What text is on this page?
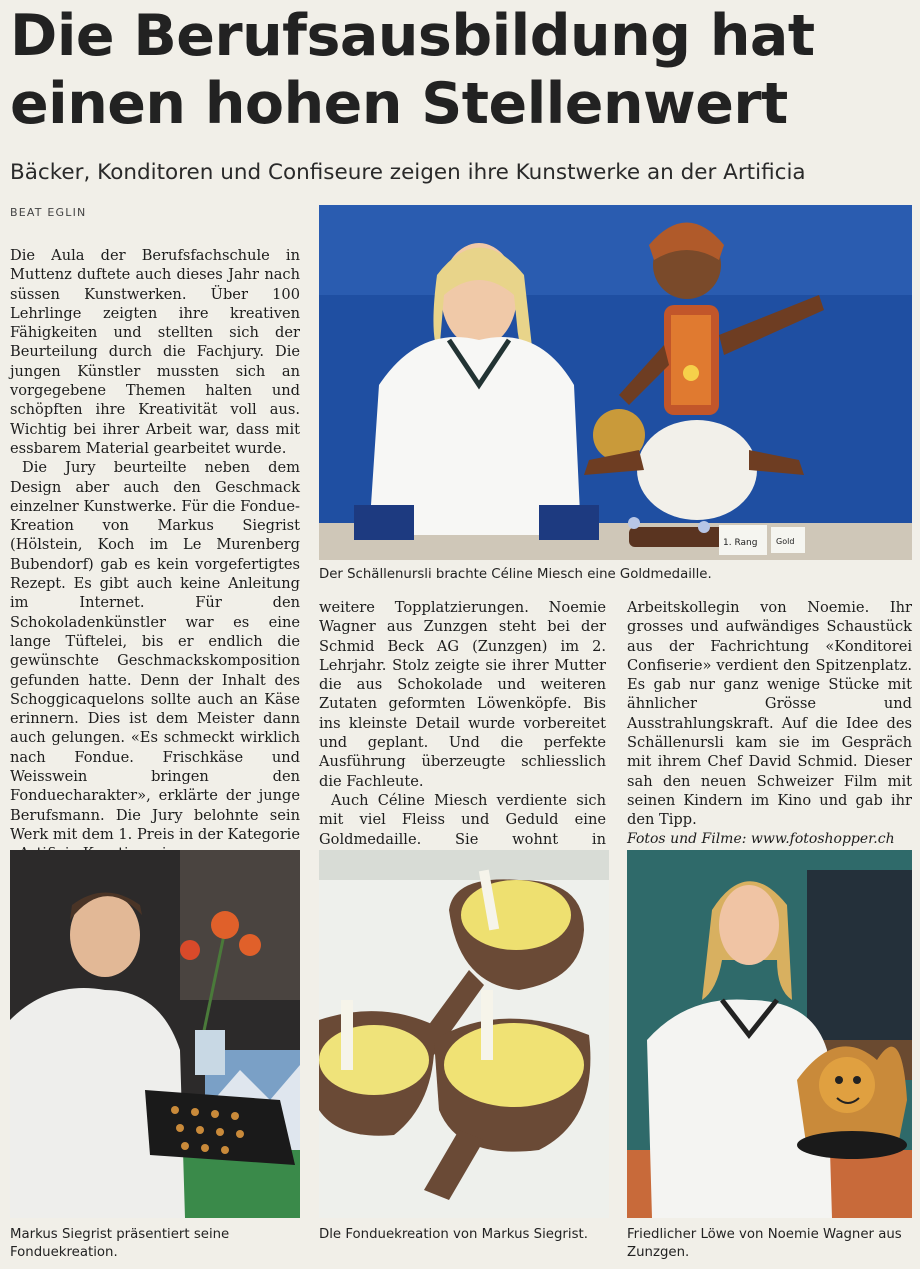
Die Berufsausbildung hat einen hohen Stellenwert
Bäcker, Konditoren und Confiseure zeigen ihre Kunstwerke an der Artificia
BEAT EGLIN

Die Aula der Berufsfachschule in Muttenz duftete auch dieses Jahr nach süssen Kunstwerken. Über 100 Lehrlinge zeigten ihre kreativen Fähigkeiten und stellten sich der Beurteilung durch die Fachjury. Die jungen Künstler mussten sich an vorgegebene Themen halten und schöpften ihre Kreativität voll aus. Wichtig bei ihrer Arbeit war, dass mit essbarem Material gearbeitet wurde.

Die Jury beurteilte neben dem Design aber auch den Geschmack einzelner Kunstwerke. Für die Fondue-Kreation von Markus Siegrist (Hölstein, Koch im Le Murenberg Bubendorf) gab es kein vorgefertigtes Rezept. Es gibt auch keine Anleitung im Internet. Für den Schokoladenkünstler war es eine lange Tüftelei, bis er endlich die gewünschte Geschmackskomposition gefunden hatte. Denn der Inhalt des Schoggicaquelons sollte auch an Käse erinnern. Dies ist dem Meister dann auch gelungen. «Es schmeckt wirklich nach Fondue. Frischkäse und Weisswein bringen den Fonduecharakter», erklärte der junge Berufsmann. Die Jury belohnte sein Werk mit dem 1. Preis in der Kategorie

1. Rang Gold
Der Schällenursli brachte Céline Miesch eine Goldmedaille.

weitere Topplatzierungen. Noemie Wagner aus Zunzgen steht bei der Schmid Beck AG (Zunzgen) im 2. Lehrjahr. Stolz zeigte sie ihrer Mutter die aus Schokolade und weiteren Zutaten geformten Löwenköpfe. Bis ins kleinste Detail wurde vorbereitet und geplant. Und die perfekte Ausführung überzeugte schliesslich die Fachleute.

Auch Céline Miesch verdiente sich mit viel Fleiss und Geduld eine Goldmedaille. Sie wohnt in

Arbeitskollegin von Noemie. Ihr grosses und aufwändiges Schaustück aus der Fachrichtung «Konditorei Confiserie» verdient den Spitzenplatz. Es gab nur ganz wenige Stücke mit ähnlicher Grösse und Ausstrahlungskraft. Auf die Idee des Schällenursli kam sie im Gespräch mit ihrem Chef David Schmid. Dieser sah den neuen Schweizer Film mit seinen Kindern im Kino und gab ihr den Tipp.

Fotos und Filme: www.fotoshopper.ch

Markus Siegrist präsentiert seine Fonduekreation.
Dle Fonduekreation von Markus Siegrist.	Friedlicher Löwe von Noemie Wagner aus Zunzgen.
